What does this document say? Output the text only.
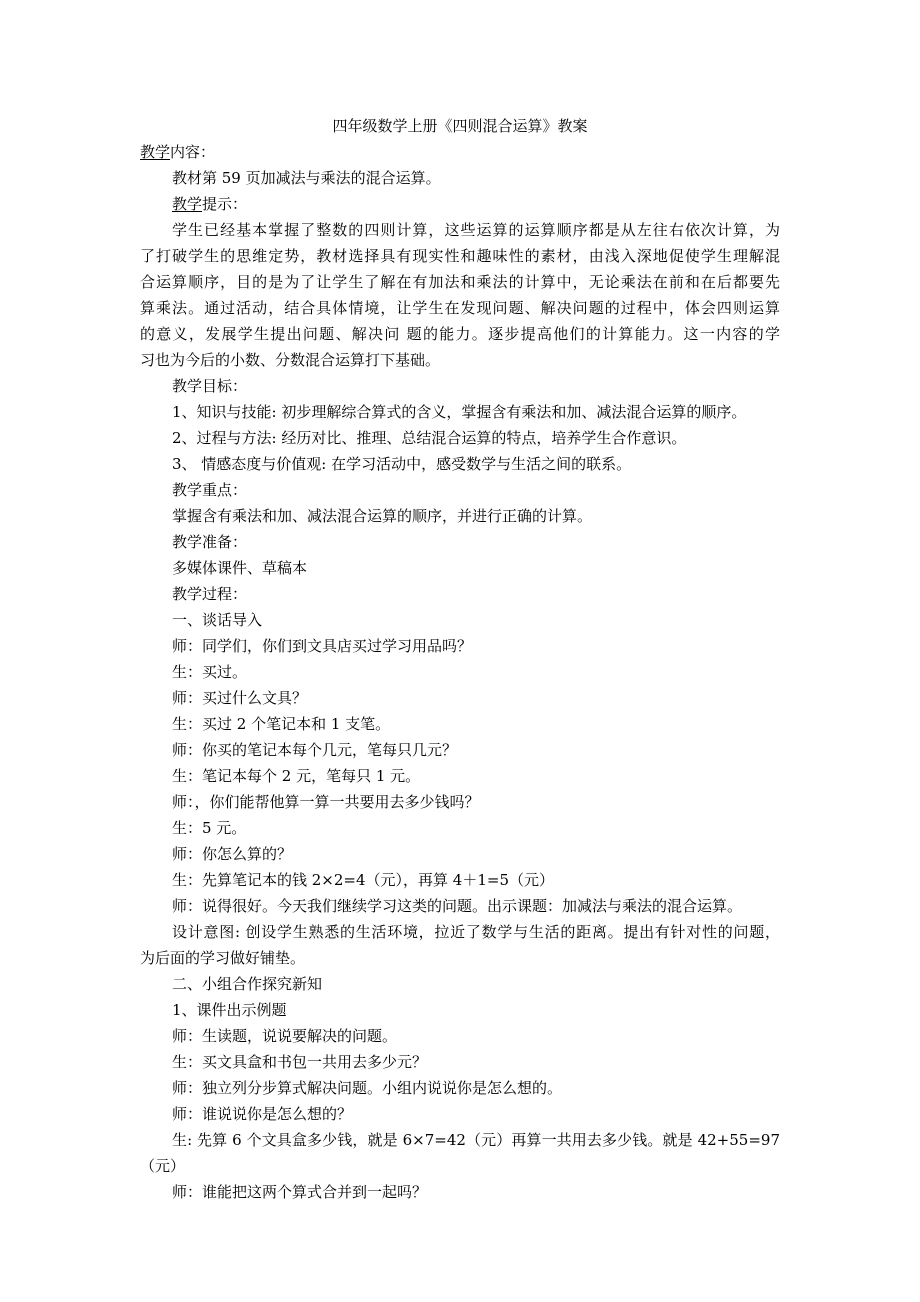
四年级数学上册《四则混合运算》教案
教学内容：
教材第 59 页加减法与乘法的混合运算。
教学提示：
学生已经基本掌握了整数的四则计算，这些运算的运算顺序都是从左往右依次计算，为
了打破学生的思维定势，教材选择具有现实性和趣味性的素材，由浅入深地促使学生理解混
合运算顺序，目的是为了让学生了解在有加法和乘法的计算中，无论乘法在前和在后都要先
算乘法。通过活动，结合具体情境，让学生在发现问题、解决问题的过程中，体会四则运算
的意义，发展学生提出问题、解决问 题的能力。逐步提高他们的计算能力。这一内容的学
习也为今后的小数、分数混合运算打下基础。
教学目标：
1、知识与技能: 初步理解综合算式的含义，掌握含有乘法和加、减法混合运算的顺序。
2、过程与方法: 经历对比、推理、总结混合运算的特点，培养学生合作意识。
3、 情感态度与价值观: 在学习活动中，感受数学与生活之间的联系。
教学重点：
掌握含有乘法和加、减法混合运算的顺序，并进行正确的计算。
教学准备：
多媒体课件、草稿本
教学过程：
一、谈话导入
师：同学们，你们到文具店买过学习用品吗？
生：买过。
师：买过什么文具？
生：买过 2 个笔记本和 1 支笔。
师：你买的笔记本每个几元，笔每只几元？
生：笔记本每个 2 元，笔每只 1 元。
师：，你们能帮他算一算一共要用去多少钱吗？
生：5 元。
师：你怎么算的？
生：先算笔记本的钱 2×2=4（元），再算 4＋1=5（元）
师：说得很好。今天我们继续学习这类的问题。出示课题：加减法与乘法的混合运算。
设计意图: 创设学生熟悉的生活环境，拉近了数学与生活的距离。提出有针对性的问题，
为后面的学习做好铺垫。
二、小组合作探究新知
1、课件出示例题
师：生读题，说说要解决的问题。
生：买文具盒和书包一共用去多少元？
师：独立列分步算式解决问题。小组内说说你是怎么想的。
师：谁说说你是怎么想的？
生: 先算 6 个文具盒多少钱，就是 6×7=42（元）再算一共用去多少钱。就是 42+55=97
（元）
师：谁能把这两个算式合并到一起吗？
